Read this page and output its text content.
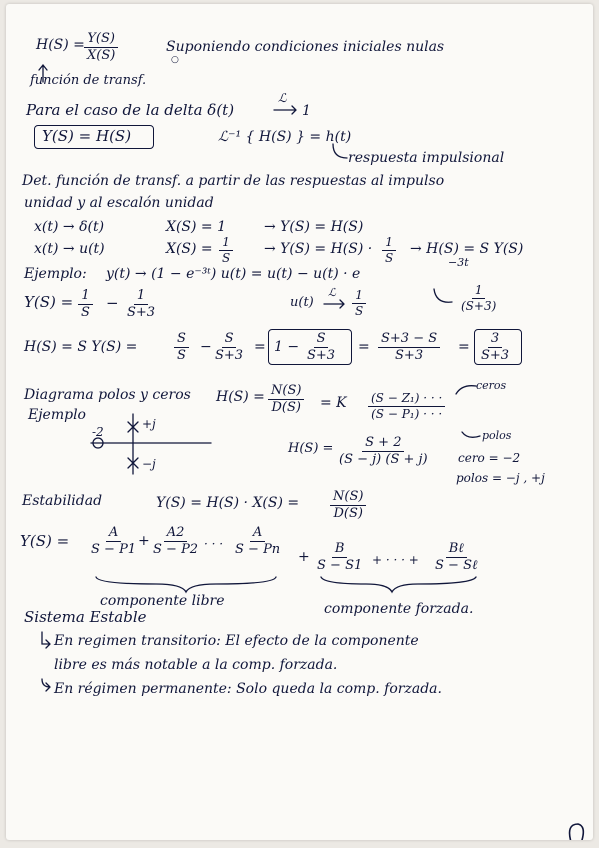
$H(S) = \frac{Y(S)}{X(S)}$	Suponiendo condiciones iniciales nulas
○
función de transf.
Para el caso de la delta δ(t)
ℒ
1
Y(S) = H(S)	ℒ⁻¹ { H(S) } = h(t)
respuesta impulsional
Det. función de transf. a partir de las respuestas al impulso
unidad y al escalón unidad
x(t) → δ(t)	X(S) = 1	→ Y(S) = H(S)
x(t) → u(t)	$X(S) = \frac{1}{S} \to Y(S) = H(S) \cdot \frac{1}{S} \to H(S) = S$ Y(S)
Ejemplo: y(t) → (1 − e⁻³ᵗ) u(t) = u(t) − u(t) · e
−3t
$Y(S) = \frac{1}{S} - \frac{1}{S+3}$	u(t)
ℒ $\frac{1}{S}$	$\frac{1}{(S+3)}$
H(S) = S Y(S) =	$\frac{S}{S} - \frac{S}{S+3} = 1 - \frac{S}{S+3} = \frac{S+3 - S}{S+3} = \frac{3}{S+3}$
Diagrama polos y ceros $H(S) = \frac{N(S)}{D(S)} = K \frac{\text{(S − Z₁) · · ·}}{\text{(S − P₁) · · ·}}$
ceros
polos
Ejemplo
-2
+j
−j
$H(S) = \frac{S + 2}{(S - j) (S + j)}$ cero = −2
polos = −j , +j
Estabilidad	$Y(S) = H(S) \cdot X(S) = \frac{N(S)}{D(S)}$
$Y(S) = \frac{A}{S - P1}$
+ $\frac{A2}{S - P2}$ · · · $\frac{A}{S - Pn}$
+ $\frac{B}{S - S1}$ + · · · +
Bℓ
S − Sℓ
componente libre	componente forzada.
Sistema Estable
En regimen transitorio: El efecto de la componente
libre es más notable a la comp. forzada.
En régimen permanente: Solo queda la comp. forzada.
